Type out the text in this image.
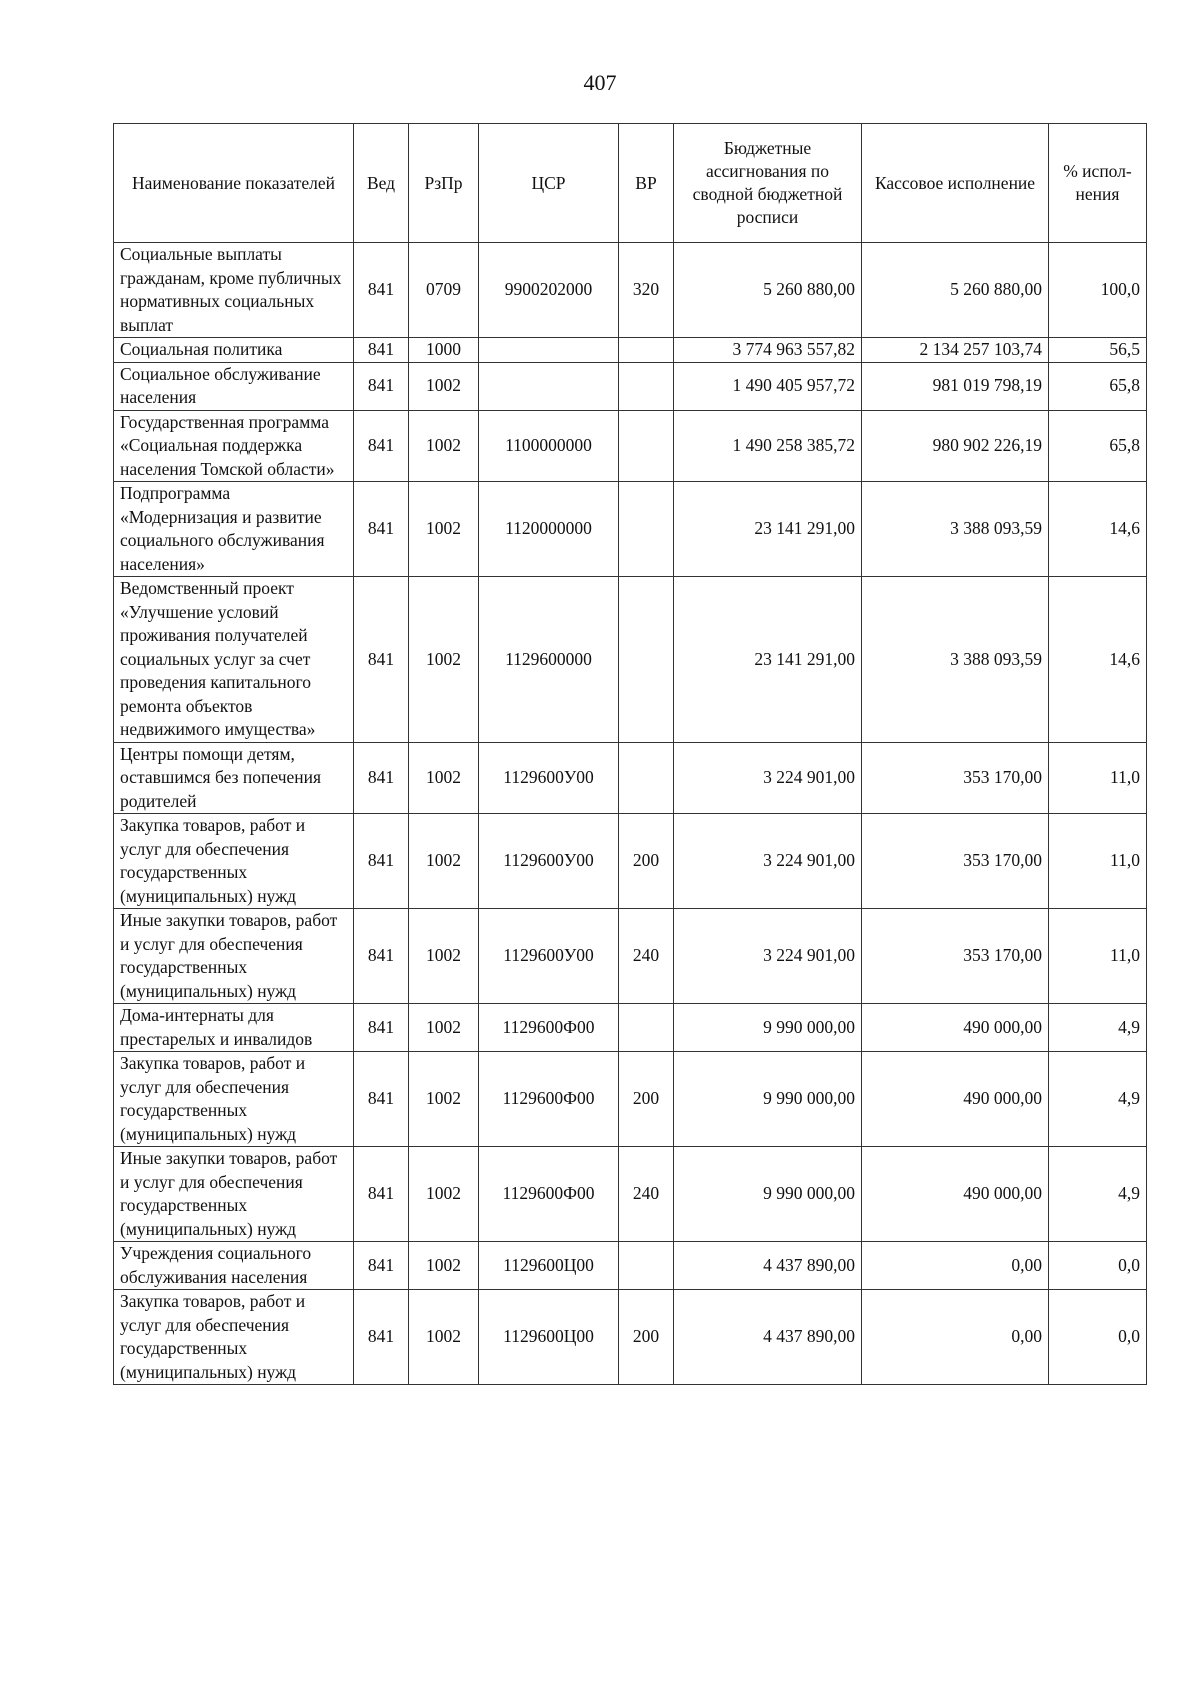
407
Наименование показателей	Вед	РзПр	ЦСР	ВР	Бюджетные ассигнования по сводной бюджетной росписи	Кассовое исполнение	% испол-нения
Социальные выплаты гражданам, кроме публичных нормативных социальных выплат	841	0709	9900202000	320	5 260 880,00	5 260 880,00	100,0
Социальная политика	841	1000			3 774 963 557,82	2 134 257 103,74	56,5
Социальное обслуживание населения	841	1002			1 490 405 957,72	981 019 798,19	65,8
Государственная программа «Социальная поддержка населения Томской области»	841	1002	1100000000		1 490 258 385,72	980 902 226,19	65,8
Подпрограмма «Модернизация и развитие социального обслуживания населения»	841	1002	1120000000		23 141 291,00	3 388 093,59	14,6
Ведомственный проект «Улучшение условий проживания получателей социальных услуг за счет проведения капитального ремонта объектов недвижимого имущества»	841	1002	1129600000		23 141 291,00	3 388 093,59	14,6
Центры помощи детям, оставшимся без попечения родителей	841	1002	1129600У00		3 224 901,00	353 170,00	11,0
Закупка товаров, работ и услуг для обеспечения государственных (муниципальных) нужд	841	1002	1129600У00	200	3 224 901,00	353 170,00	11,0
Иные закупки товаров, работ и услуг для обеспечения государственных (муниципальных) нужд	841	1002	1129600У00	240	3 224 901,00	353 170,00	11,0
Дома-интернаты для престарелых и инвалидов	841	1002	1129600Ф00		9 990 000,00	490 000,00	4,9
Закупка товаров, работ и услуг для обеспечения государственных (муниципальных) нужд	841	1002	1129600Ф00	200	9 990 000,00	490 000,00	4,9
Иные закупки товаров, работ и услуг для обеспечения государственных (муниципальных) нужд	841	1002	1129600Ф00	240	9 990 000,00	490 000,00	4,9
Учреждения социального обслуживания населения	841	1002	1129600Ц00		4 437 890,00	0,00	0,0
Закупка товаров, работ и услуг для обеспечения государственных (муниципальных) нужд	841	1002	1129600Ц00	200	4 437 890,00	0,00	0,0
